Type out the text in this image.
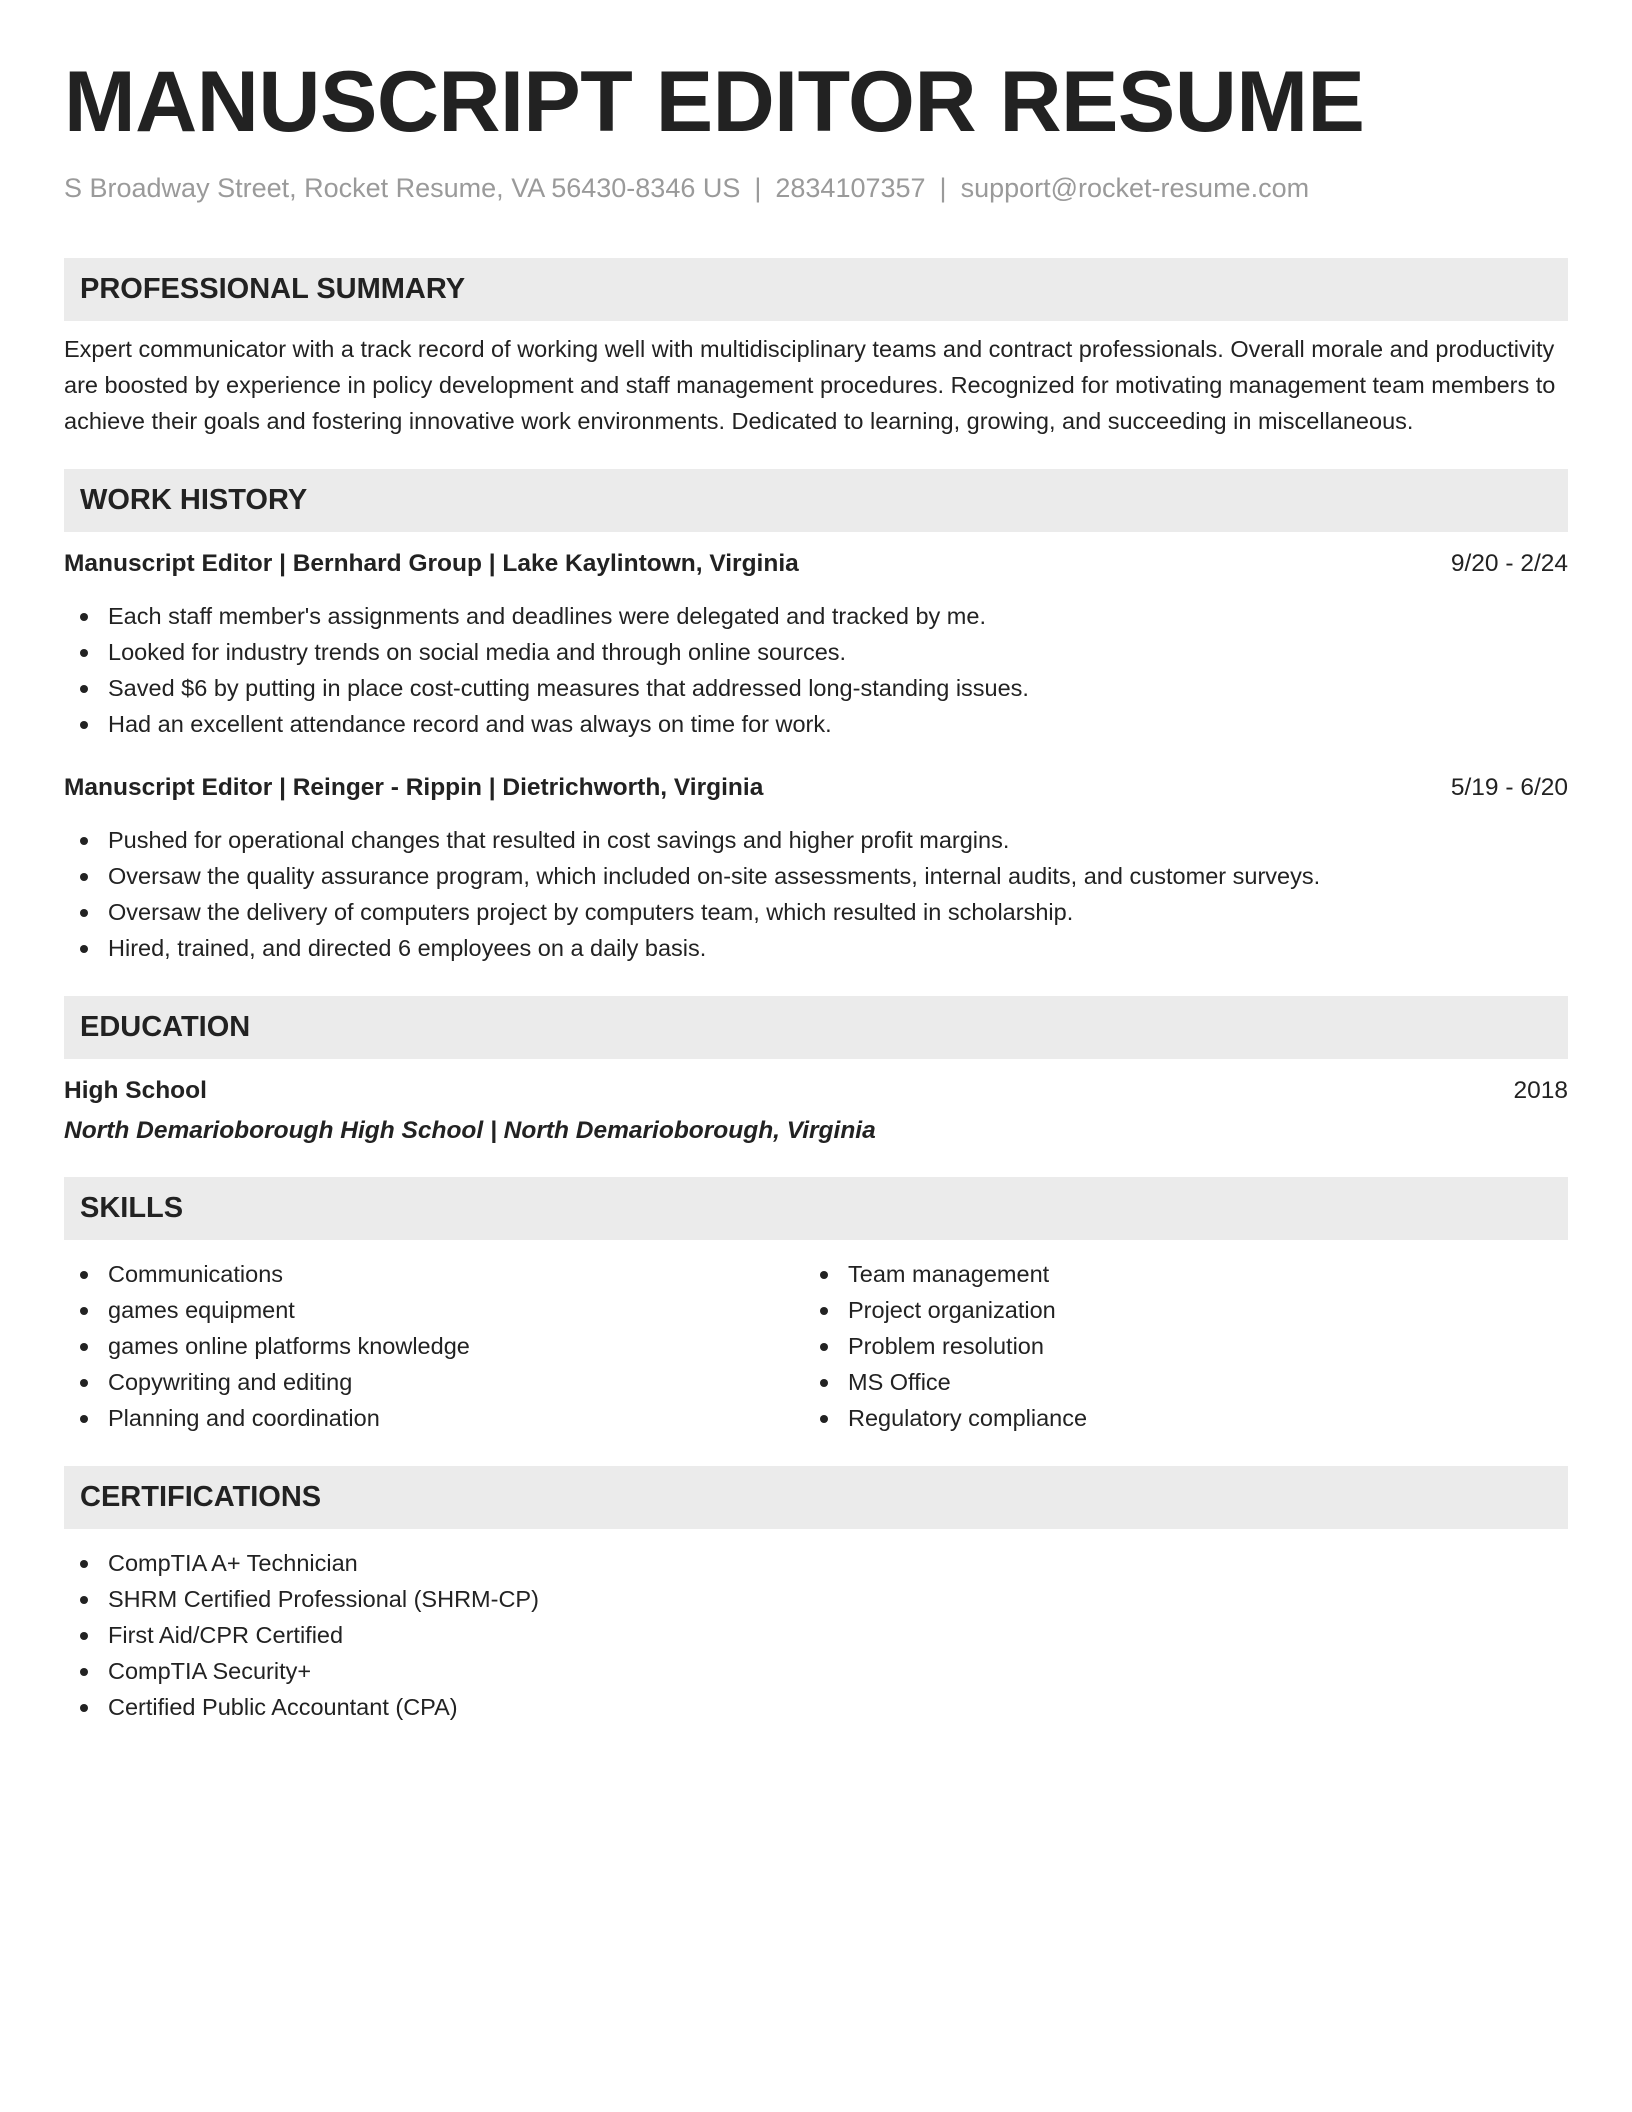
MANUSCRIPT EDITOR RESUME
S Broadway Street, Rocket Resume, VA 56430-8346 US | 2834107357 | support@rocket-resume.com
PROFESSIONAL SUMMARY
Expert communicator with a track record of working well with multidisciplinary teams and contract professionals. Overall morale and productivity are boosted by experience in policy development and staff management procedures. Recognized for motivating management team members to achieve their goals and fostering innovative work environments. Dedicated to learning, growing, and succeeding in miscellaneous.
WORK HISTORY
Manuscript Editor | Bernhard Group | Lake Kaylintown, Virginia	9/20 - 2/24
Each staff member's assignments and deadlines were delegated and tracked by me.
Looked for industry trends on social media and through online sources.
Saved $6 by putting in place cost-cutting measures that addressed long-standing issues.
Had an excellent attendance record and was always on time for work.
Manuscript Editor | Reinger - Rippin | Dietrichworth, Virginia	5/19 - 6/20
Pushed for operational changes that resulted in cost savings and higher profit margins.
Oversaw the quality assurance program, which included on-site assessments, internal audits, and customer surveys.
Oversaw the delivery of computers project by computers team, which resulted in scholarship.
Hired, trained, and directed 6 employees on a daily basis.
EDUCATION
High School	2018
North Demarioborough High School | North Demarioborough, Virginia
SKILLS
Communications
games equipment
games online platforms knowledge
Copywriting and editing
Planning and coordination
Team management
Project organization
Problem resolution
MS Office
Regulatory compliance
CERTIFICATIONS
CompTIA A+ Technician
SHRM Certified Professional (SHRM-CP)
First Aid/CPR Certified
CompTIA Security+
Certified Public Accountant (CPA)
